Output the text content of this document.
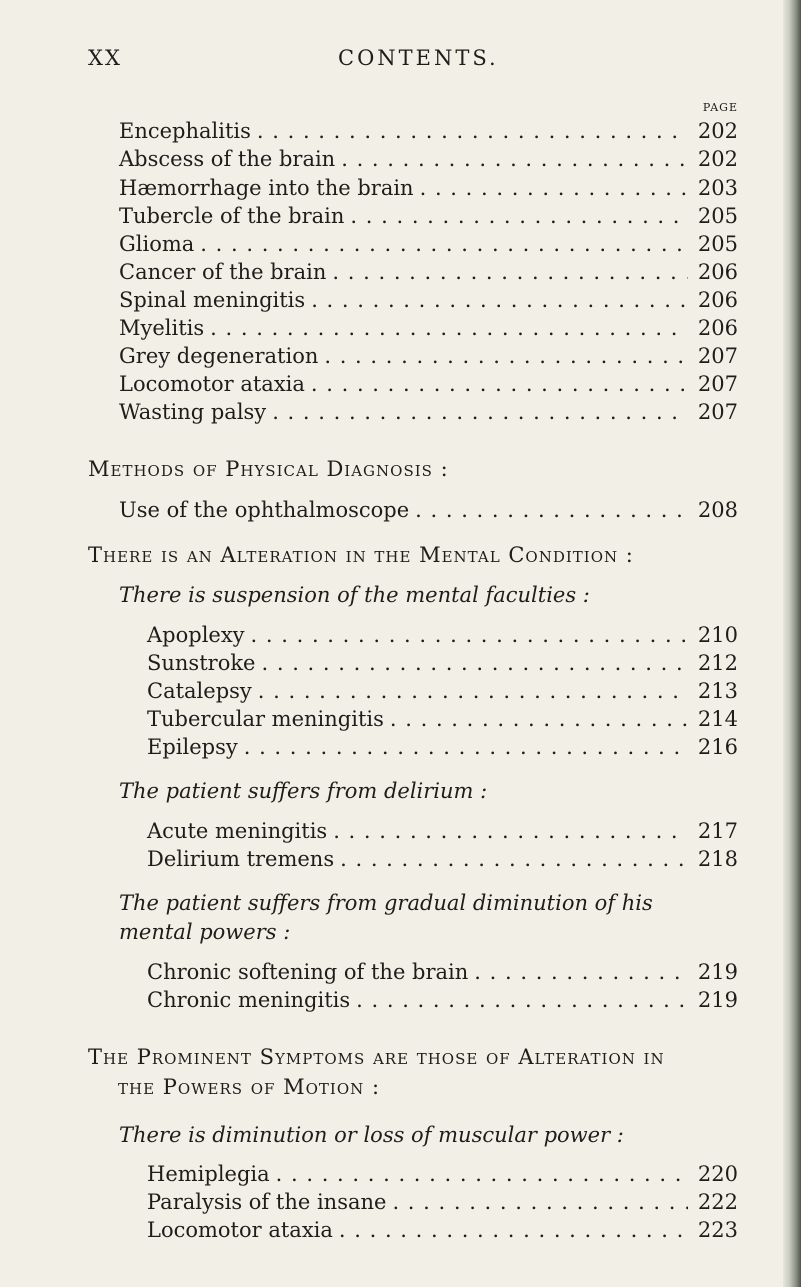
XX	CONTENTS.
PAGE
Encephalitis . . .	202
Abscess of the brain . . .	202
Hæmorrhage into the brain . . .	203
Tubercle of the brain . . .	205
Glioma . . .	205
Cancer of the brain . . .	206
Spinal meningitis . . .	206
Myelitis . . .	206
Grey degeneration . . .	207
Locomotor ataxia . . .	207
Wasting palsy . . .	207
Methods of Physical Diagnosis :
Use of the ophthalmoscope . . .	208
There is an Alteration in the Mental Condition :
There is suspension of the mental faculties :
Apoplexy . . .	210
Sunstroke . . .	212
Catalepsy . . .	213
Tubercular meningitis . . .	214
Epilepsy . . .	216
The patient suffers from delirium :
Acute meningitis . . .	217
Delirium tremens . . .	218
The patient suffers from gradual diminution of his
mental powers :
Chronic softening of the brain . . .	219
Chronic meningitis . . .	219
The Prominent Symptoms are those of Alteration in
the Powers of Motion :
There is diminution or loss of muscular power :
Hemiplegia . . .	220
Paralysis of the insane . . .	222
Locomotor ataxia . . .	223
